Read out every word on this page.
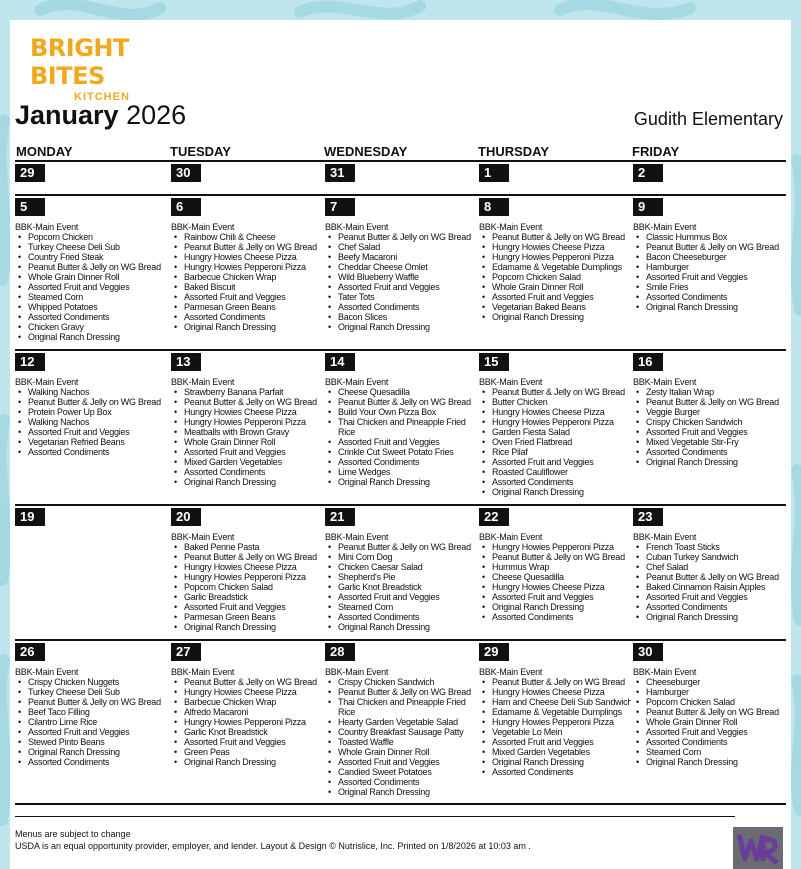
BRIGHT BITES
KITCHEN
January 2026	Gudith Elementary
MONDAY	TUESDAY	WEDNESDAY	THURSDAY	FRIDAY
29	30	31	1	2
5
BBK-Main Event
• Popcorn Chicken
• Turkey Cheese Deli Sub
• Country Fried Steak
• Peanut Butter & Jelly on WG Bread
• Whole Grain Dinner Roll
• Assorted Fruit and Veggies
• Steamed Corn
• Whipped Potatoes
• Assorted Condiments
• Chicken Gravy
• Original Ranch Dressing
6
BBK-Main Event
• Rainbow Chili & Cheese
• Peanut Butter & Jelly on WG Bread
• Hungry Howies Cheese Pizza
• Hungry Howies Pepperoni Pizza
• Barbecue Chicken Wrap
• Baked Biscuit
• Assorted Fruit and Veggies
• Parmesan Green Beans
• Assorted Condiments
• Original Ranch Dressing
7
BBK-Main Event
• Peanut Butter & Jelly on WG Bread
• Chef Salad
• Beefy Macaroni
• Cheddar Cheese Omlet
• Wild Blueberry Waffle
• Assorted Fruit and Veggies
• Tater Tots
• Assorted Condiments
• Bacon Slices
• Original Ranch Dressing
8
BBK-Main Event
• Peanut Butter & Jelly on WG Bread
• Hungry Howies Cheese Pizza
• Hungry Howies Pepperoni Pizza
• Edamame & Vegetable Dumplings
• Popcorn Chicken Salad
• Whole Grain Dinner Roll
• Assorted Fruit and Veggies
• Vegetarian Baked Beans
• Original Ranch Dressing
9
BBK-Main Event
• Classic Hummus Box
• Peanut Butter & Jelly on WG Bread
• Bacon Cheeseburger
• Hamburger
• Assorted Fruit and Veggies
• Smile Fries
• Assorted Condiments
• Original Ranch Dressing
12
BBK-Main Event
• Walking Nachos
• Peanut Butter & Jelly on WG Bread
• Protein Power Up Box
• Walking Nachos
• Assorted Fruit and Veggies
• Vegetarian Refried Beans
• Assorted Condiments
13
BBK-Main Event
• Strawberry Banana Parfait
• Peanut Butter & Jelly on WG Bread
• Hungry Howies Cheese Pizza
• Hungry Howies Pepperoni Pizza
• Meatballs with Brown Gravy
• Whole Grain Dinner Roll
• Assorted Fruit and Veggies
• Mixed Garden Vegetables
• Assorted Condiments
• Original Ranch Dressing
14
BBK-Main Event
• Cheese Quesadilla
• Peanut Butter & Jelly on WG Bread
• Build Your Own Pizza Box
• Thai Chicken and Pineapple Fried Rice
• Assorted Fruit and Veggies
• Crinkle Cut Sweet Potato Fries
• Assorted Condiments
• Lime Wedges
• Original Ranch Dressing
15
BBK-Main Event
• Peanut Butter & Jelly on WG Bread
• Butter Chicken
• Hungry Howies Cheese Pizza
• Hungry Howies Pepperoni Pizza
• Garden Fiesta Salad
• Oven Fried Flatbread
• Rice Pilaf
• Assorted Fruit and Veggies
• Roasted Cauliflower
• Assorted Condiments
• Original Ranch Dressing
16
BBK-Main Event
• Zesty Italian Wrap
• Peanut Butter & Jelly on WG Bread
• Veggie Burger
• Crispy Chicken Sandwich
• Assorted Fruit and Veggies
• Mixed Vegetable Stir-Fry
• Assorted Condiments
• Original Ranch Dressing
19	20
BBK-Main Event
• Baked Penne Pasta
• Peanut Butter & Jelly on WG Bread
• Hungry Howies Cheese Pizza
• Hungry Howies Pepperoni Pizza
• Popcorn Chicken Salad
• Garlic Breadstick
• Assorted Fruit and Veggies
• Parmesan Green Beans
• Original Ranch Dressing
21
BBK-Main Event
• Peanut Butter & Jelly on WG Bread
• Mini Corn Dog
• Chicken Caesar Salad
• Shepherd's Pie
• Garlic Knot Breadstick
• Assorted Fruit and Veggies
• Steamed Corn
• Assorted Condiments
• Original Ranch Dressing
22
BBK-Main Event
• Hungry Howies Pepperoni Pizza
• Peanut Butter & Jelly on WG Bread
• Hummus Wrap
• Cheese Quesadilla
• Hungry Howies Cheese Pizza
• Assorted Fruit and Veggies
• Original Ranch Dressing
• Assorted Condiments
23
BBK-Main Event
• French Toast Sticks
• Cuban Turkey Sandwich
• Chef Salad
• Peanut Butter & Jelly on WG Bread
• Baked Cinnamon Raisin Apples
• Assorted Fruit and Veggies
• Assorted Condiments
• Original Ranch Dressing
26
BBK-Main Event
• Crispy Chicken Nuggets
• Turkey Cheese Deli Sub
• Peanut Butter & Jelly on WG Bread
• Beef Taco Filling
• Cilantro Lime Rice
• Assorted Fruit and Veggies
• Stewed Pinto Beans
• Original Ranch Dressing
• Assorted Condiments
27
BBK-Main Event
• Peanut Butter & Jelly on WG Bread
• Hungry Howies Cheese Pizza
• Barbecue Chicken Wrap
• Alfredo Macaroni
• Hungry Howies Pepperoni Pizza
• Garlic Knot Breadstick
• Assorted Fruit and Veggies
• Green Peas
• Original Ranch Dressing
28
BBK-Main Event
• Crispy Chicken Sandwich
• Peanut Butter & Jelly on WG Bread
• Thai Chicken and Pineapple Fried Rice
• Hearty Garden Vegetable Salad
• Country Breakfast Sausage Patty
• Toasted Waffle
• Whole Grain Dinner Roll
• Assorted Fruit and Veggies
• Candied Sweet Potatoes
• Assorted Condiments
• Original Ranch Dressing
29
BBK-Main Event
• Peanut Butter & Jelly on WG Bread
• Hungry Howies Cheese Pizza
• Ham and Cheese Deli Sub Sandwich
• Edamame & Vegetable Dumplings
• Hungry Howies Pepperoni Pizza
• Vegetable Lo Mein
• Assorted Fruit and Veggies
• Mixed Garden Vegetables
• Original Ranch Dressing
• Assorted Condiments
30
BBK-Main Event
• Cheeseburger
• Hamburger
• Popcorn Chicken Salad
• Peanut Butter & Jelly on WG Bread
• Whole Grain Dinner Roll
• Assorted Fruit and Veggies
• Assorted Condiments
• Steamed Corn
• Original Ranch Dressing
Menus are subject to change
USDA is an equal opportunity provider, employer, and lender. Layout & Design © Nutrislice, Inc. Printed on 1/8/2026 at 10:03 am .
